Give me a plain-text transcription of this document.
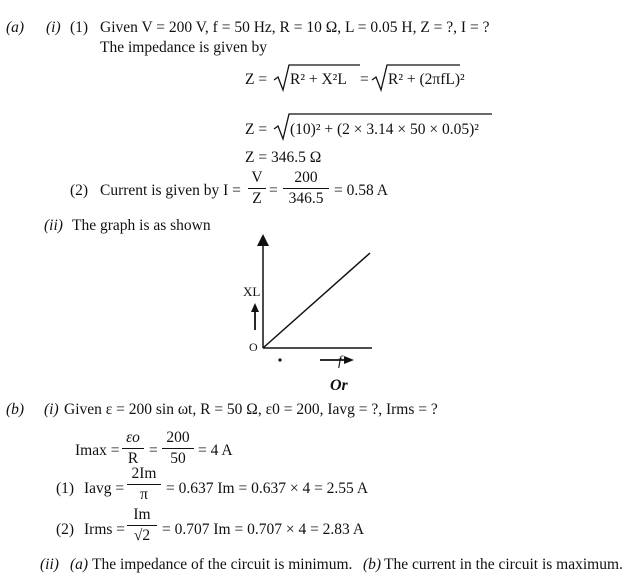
(a) (i) (1) Given V = 200 V, f = 50 Hz, R = 10 Ω, L = 0.05 H, Z = ?, I = ?
The impedance is given by
Z = R² + X²L = R² + (2πfL)²
Z = (10)² + (2 × 3.14 × 50 × 0.05)²
Z = 346.5 Ω
(2) Current is given by I =
V
Z =
200
346.5 = 0.58 A
(ii) The graph is as shown
XL
O
f
Or
(b) (i) Given ε = 200 sin ωt, R = 50 Ω, ε0 = 200, Iavg = ?, Irms = ?
Imax =
εo
R =
200
50 = 4 A
(1) Iavg =
2Im
π	= 0.637 Im = 0.637 × 4 = 2.55 A
(2) Irms =
Im
√2 = 0.707 Im = 0.707 × 4 = 2.83 A
(ii) (a) The impedance of the circuit is minimum. (b) The current in the circuit is maximum.
